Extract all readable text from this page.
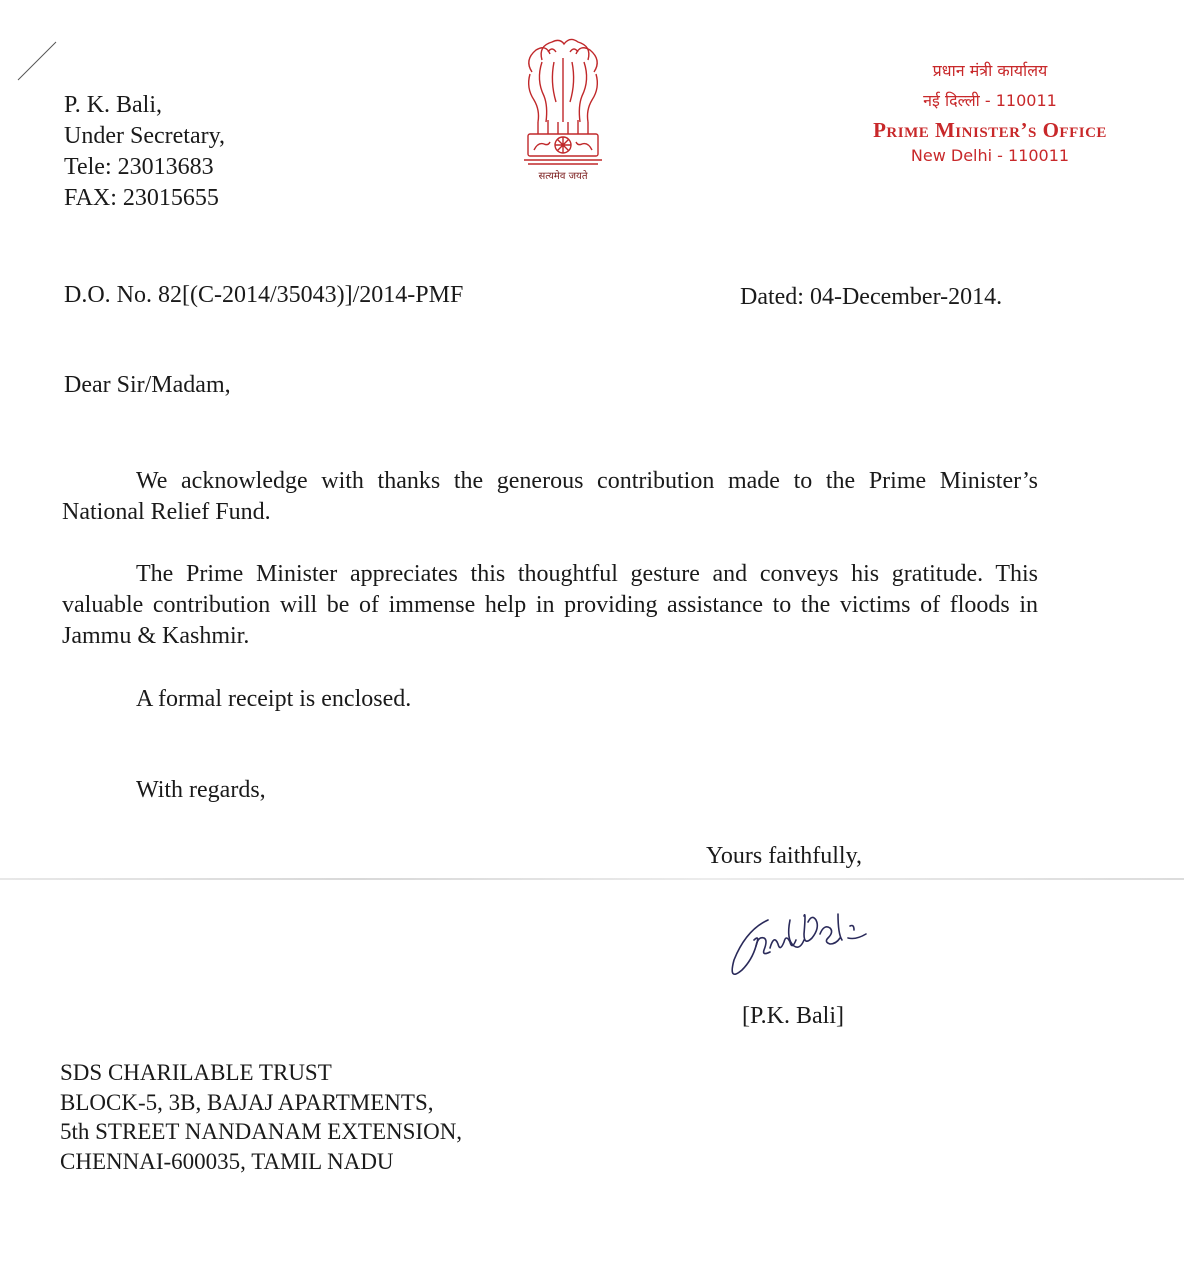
P. K. Bali,
Under Secretary,
Tele: 23013683
FAX: 23015655
सत्यमेव जयते
प्रधान मंत्री कार्यालय
नई दिल्ली - 110011
Prime Minister’s Office
New Delhi - 110011
D.O. No. 82[(C-2014/35043)]/2014-PMF	Dated: 04-December-2014.
Dear Sir/Madam,
We acknowledge with thanks the generous contribution made to the Prime Minister’s National Relief Fund.
The Prime Minister appreciates this thoughtful gesture and conveys his gratitude. This valuable contribution will be of immense help in providing assistance to the victims of floods in Jammu & Kashmir.
A formal receipt is enclosed.
With regards,
Yours faithfully,
[P.K. Bali]
SDS CHARILABLE TRUST
BLOCK-5, 3B, BAJAJ APARTMENTS,
5th STREET NANDANAM EXTENSION,
CHENNAI-600035, TAMIL NADU
